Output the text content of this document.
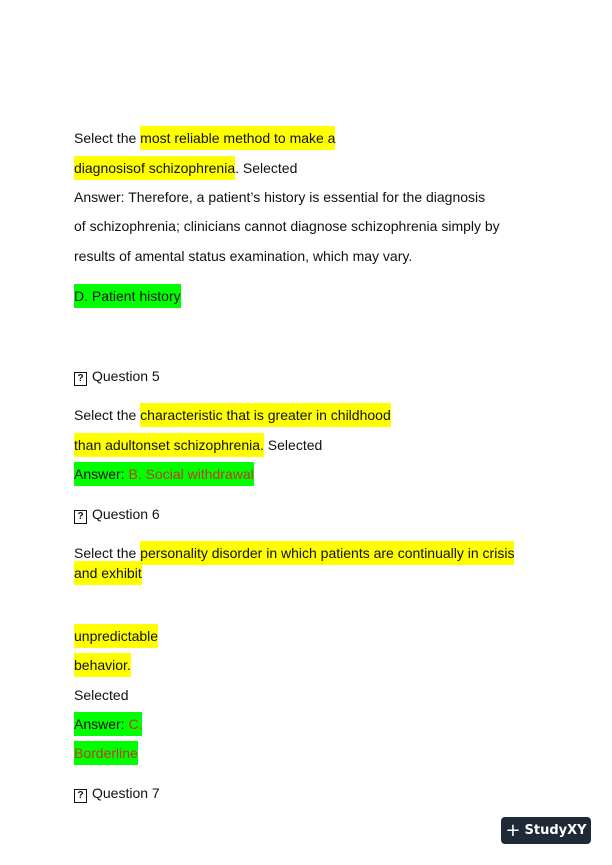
Select the most reliable method to make a
diagnosisof schizophrenia. Selected
Answer: Therefore, a patient’s history is essential for the diagnosis
of schizophrenia; clinicians cannot diagnose schizophrenia simply by
results of amental status examination, which may vary.
D. Patient history
? Question 5
Select the characteristic that is greater in childhood
than adultonset schizophrenia. Selected
Answer: B. Social withdrawal
? Question 6
Select the personality disorder in which patients are continually in crisis
and exhibit
unpredictable
behavior.
Selected
Answer: C.
Borderline
? Question 7
+ StudyXY
